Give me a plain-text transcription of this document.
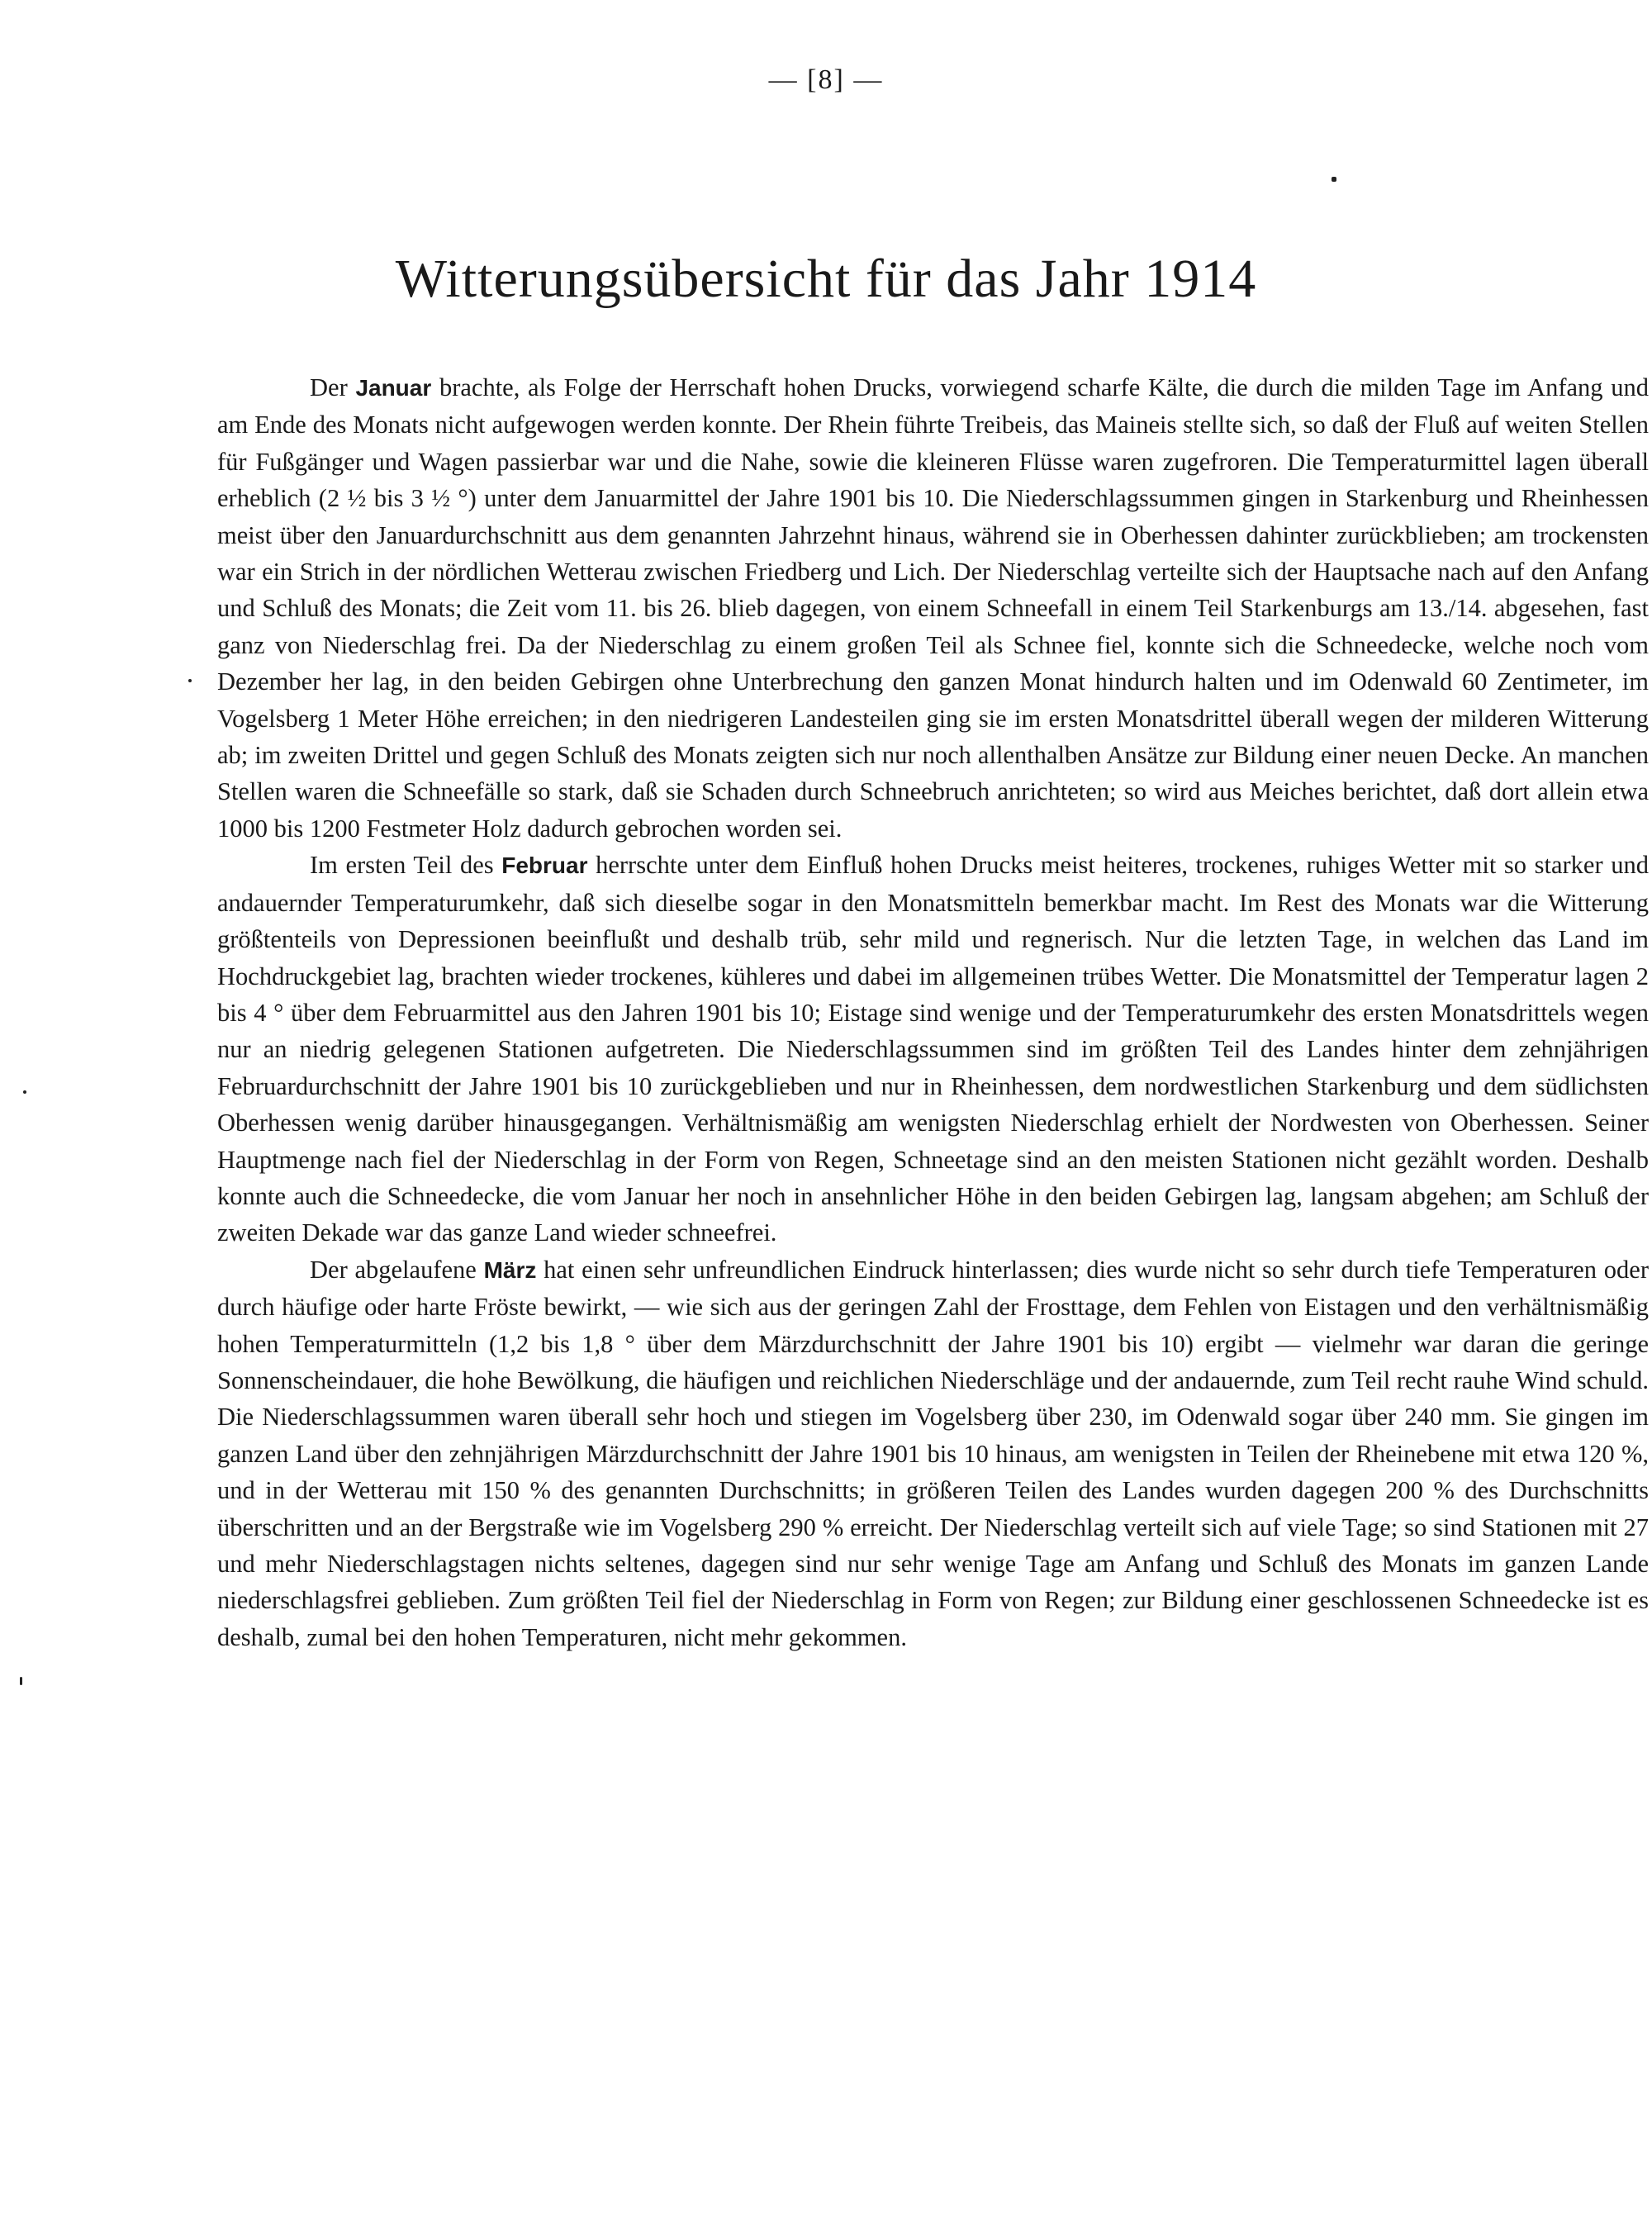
— [8] —
Witterungsübersicht für das Jahr 1914

Der Januar brachte, als Folge der Herrschaft hohen Drucks, vorwiegend scharfe Kälte, die durch die milden Tage im Anfang und am Ende des Monats nicht aufgewogen werden konnte. Der Rhein führte Treibeis, das Maineis stellte sich, so daß der Fluß auf weiten Stellen für Fußgänger und Wagen passierbar war und die Nahe, sowie die kleineren Flüsse waren zugefroren. Die Temperaturmittel lagen überall erheblich (2 ½ bis 3 ½ °) unter dem Januarmittel der Jahre 1901 bis 10. Die Niederschlagssummen gingen in Starkenburg und Rheinhessen meist über den Januardurchschnitt aus dem genannten Jahrzehnt hinaus, während sie in Oberhessen dahinter zurückblieben; am trockensten war ein Strich in der nördlichen Wetterau zwischen Friedberg und Lich. Der Niederschlag verteilte sich der Hauptsache nach auf den Anfang und Schluß des Monats; die Zeit vom 11. bis 26. blieb dagegen, von einem Schneefall in einem Teil Starkenburgs am 13./14. abgesehen, fast ganz von Niederschlag frei. Da der Niederschlag zu einem großen Teil als Schnee fiel, konnte sich die Schneedecke, welche noch vom Dezember her lag, in den beiden Gebirgen ohne Unterbrechung den ganzen Monat hindurch halten und im Odenwald 60 Zentimeter, im Vogelsberg 1 Meter Höhe erreichen; in den niedrigeren Landesteilen ging sie im ersten Monatsdrittel überall wegen der milderen Witterung ab; im zweiten Drittel und gegen Schluß des Monats zeigten sich nur noch allenthalben Ansätze zur Bildung einer neuen Decke. An manchen Stellen waren die Schneefälle so stark, daß sie Schaden durch Schneebruch anrichteten; so wird aus Meiches berichtet, daß dort allein etwa 1000 bis 1200 Festmeter Holz dadurch gebrochen worden sei.

Im ersten Teil des Februar herrschte unter dem Einfluß hohen Drucks meist heiteres, trockenes, ruhiges Wetter mit so starker und andauernder Temperaturumkehr, daß sich dieselbe sogar in den Monatsmitteln bemerkbar macht. Im Rest des Monats war die Witterung größtenteils von Depressionen beeinflußt und deshalb trüb, sehr mild und regnerisch. Nur die letzten Tage, in welchen das Land im Hochdruckgebiet lag, brachten wieder trockenes, kühleres und dabei im allgemeinen trübes Wetter. Die Monatsmittel der Temperatur lagen 2 bis 4 ° über dem Februarmittel aus den Jahren 1901 bis 10; Eistage sind wenige und der Temperaturumkehr des ersten Monatsdrittels wegen nur an niedrig gelegenen Stationen aufgetreten. Die Niederschlagssummen sind im größten Teil des Landes hinter dem zehnjährigen Februardurchschnitt der Jahre 1901 bis 10 zurückgeblieben und nur in Rheinhessen, dem nordwestlichen Starkenburg und dem südlichsten Oberhessen wenig darüber hinausgegangen. Verhältnismäßig am wenigsten Niederschlag erhielt der Nordwesten von Oberhessen. Seiner Hauptmenge nach fiel der Niederschlag in der Form von Regen, Schneetage sind an den meisten Stationen nicht gezählt worden. Deshalb konnte auch die Schneedecke, die vom Januar her noch in ansehnlicher Höhe in den beiden Gebirgen lag, langsam abgehen; am Schluß der zweiten Dekade war das ganze Land wieder schneefrei.

Der abgelaufene März hat einen sehr unfreundlichen Eindruck hinterlassen; dies wurde nicht so sehr durch tiefe Temperaturen oder durch häufige oder harte Fröste bewirkt, — wie sich aus der geringen Zahl der Frosttage, dem Fehlen von Eistagen und den verhältnismäßig hohen Temperaturmitteln (1,2 bis 1,8 ° über dem Märzdurchschnitt der Jahre 1901 bis 10) ergibt — vielmehr war daran die geringe Sonnenscheindauer, die hohe Bewölkung, die häufigen und reichlichen Niederschläge und der andauernde, zum Teil recht rauhe Wind schuld. Die Niederschlagssummen waren überall sehr hoch und stiegen im Vogelsberg über 230, im Odenwald sogar über 240 mm. Sie gingen im ganzen Land über den zehnjährigen Märzdurchschnitt der Jahre 1901 bis 10 hinaus, am wenigsten in Teilen der Rheinebene mit etwa 120 %, und in der Wetterau mit 150 % des genannten Durchschnitts; in größeren Teilen des Landes wurden dagegen 200 % des Durchschnitts überschritten und an der Bergstraße wie im Vogelsberg 290 % erreicht. Der Niederschlag verteilt sich auf viele Tage; so sind Stationen mit 27 und mehr Niederschlagstagen nichts seltenes, dagegen sind nur sehr wenige Tage am Anfang und Schluß des Monats im ganzen Lande niederschlagsfrei geblieben. Zum größten Teil fiel der Niederschlag in Form von Regen; zur Bildung einer geschlossenen Schneedecke ist es deshalb, zumal bei den hohen Temperaturen, nicht mehr gekommen.
